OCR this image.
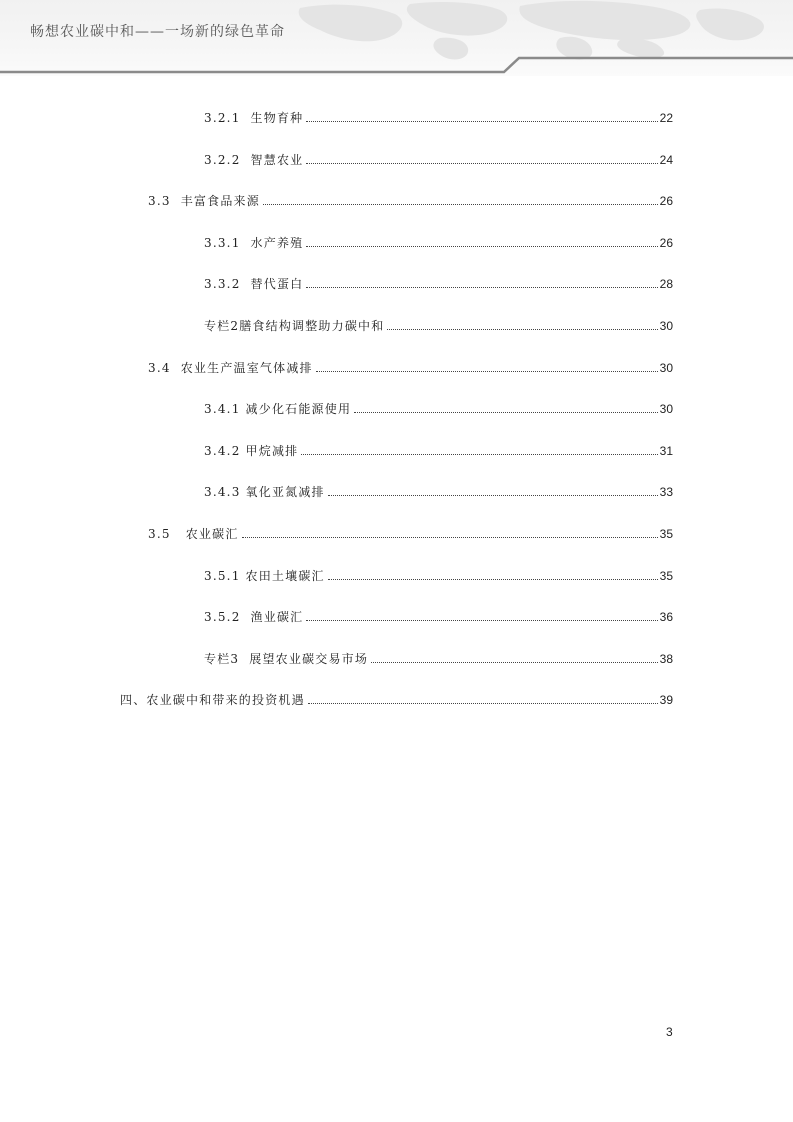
畅想农业碳中和——一场新的绿色革命
3.2.1  生物育种	22
3.2.2  智慧农业	24
3.3  丰富食品来源	26
3.3.1  水产养殖	26
3.3.2  替代蛋白	28
专栏2膳食结构调整助力碳中和	30
3.4  农业生产温室气体减排	30
3.4.1 减少化石能源使用	30
3.4.2 甲烷减排	31
3.4.3 氧化亚氮减排	33
3.5   农业碳汇	35
3.5.1 农田土壤碳汇	35
3.5.2  渔业碳汇	36
专栏3  展望农业碳交易市场	38
四、农业碳中和带来的投资机遇	39
3
